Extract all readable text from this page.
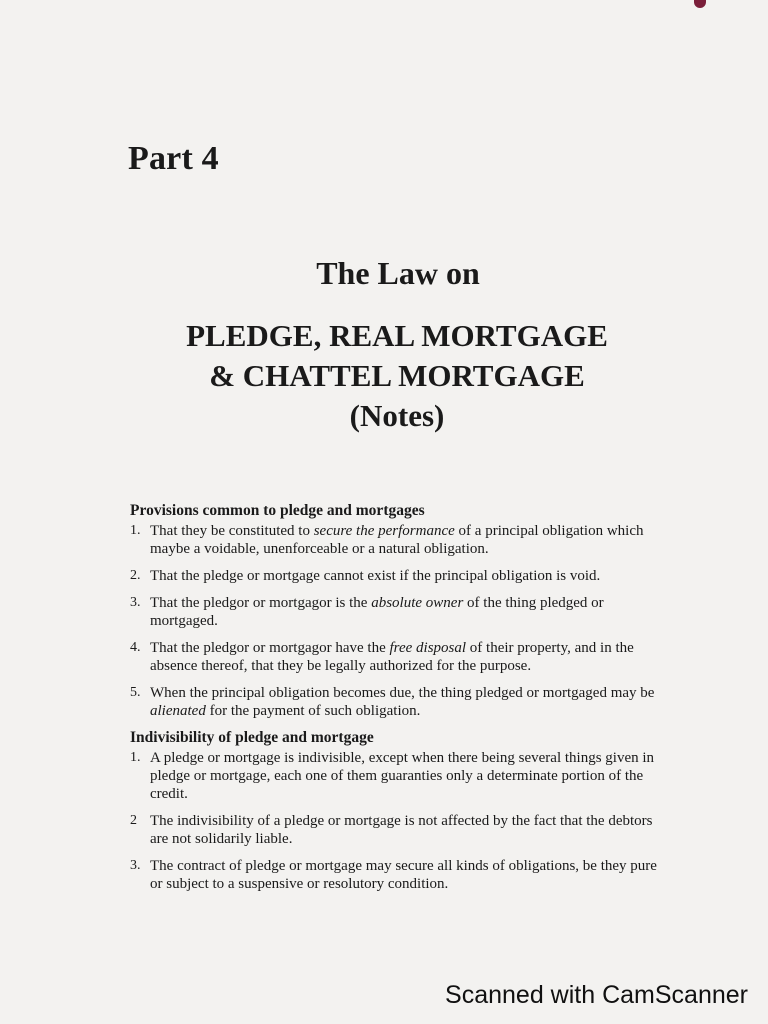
Part 4
The Law on
PLEDGE, REAL MORTGAGE
& CHATTEL MORTGAGE
(Notes)
Provisions common to pledge and mortgages
1. That they be constituted to secure the performance of a principal obligation which maybe a voidable, unenforceable or a natural obligation.
2. That the pledge or mortgage cannot exist if the principal obligation is void.
3. That the pledgor or mortgagor is the absolute owner of the thing pledged or mortgaged.
4. That the pledgor or mortgagor have the free disposal of their property, and in the absence thereof, that they be legally authorized for the purpose.
5. When the principal obligation becomes due, the thing pledged or mortgaged may be alienated for the payment of such obligation.
Indivisibility of pledge and mortgage
1. A pledge or mortgage is indivisible, except when there being several things given in pledge or mortgage, each one of them guaranties only a determinate portion of the credit.
2 The indivisibility of a pledge or mortgage is not affected by the fact that the debtors are not solidarily liable.
3. The contract of pledge or mortgage may secure all kinds of obligations, be they pure or subject to a suspensive or resolutory condition.
Scanned with CamScanner
